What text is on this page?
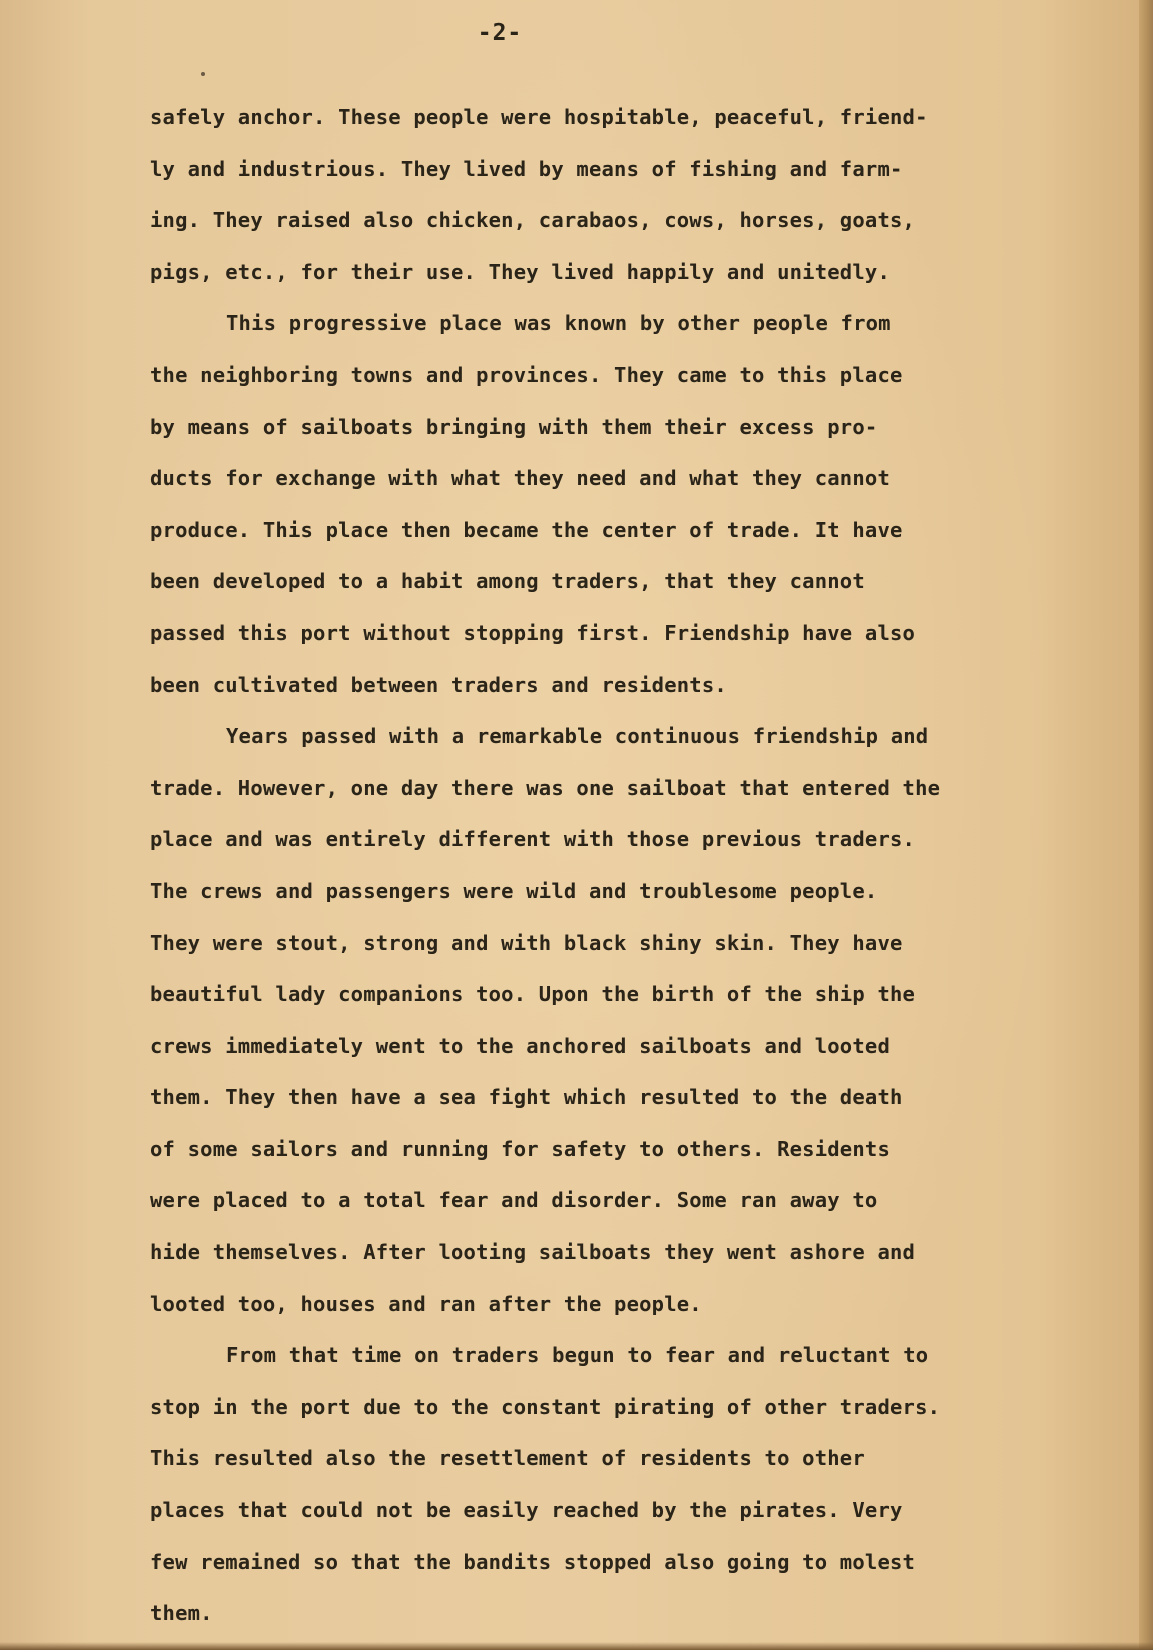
-2-
safely anchor. These people were hospitable, peaceful, friend-
ly and industrious. They lived by means of fishing and farm-
ing. They raised also chicken, carabaos, cows, horses, goats,
pigs, etc., for their use. They lived happily and unitedly.
This progressive place was known by other people from
the neighboring towns and provinces. They came to this place
by means of sailboats bringing with them their excess pro-
ducts for exchange with what they need and what they cannot
produce. This place then became the center of trade. It have
been developed to a habit among traders, that they cannot
passed this port without stopping first. Friendship have also
been cultivated between traders and residents.
Years passed with a remarkable continuous friendship and
trade. However, one day there was one sailboat that entered the
place and was entirely different with those previous traders.
The crews and passengers were wild and troublesome people.
They were stout, strong and with black shiny skin. They have
beautiful lady companions too. Upon the birth of the ship the
crews immediately went to the anchored sailboats and looted
them. They then have a sea fight which resulted to the death
of some sailors and running for safety to others. Residents
were placed to a total fear and disorder. Some ran away to
hide themselves. After looting sailboats they went ashore and
looted too, houses and ran after the people.
From that time on traders begun to fear and reluctant to
stop in the port due to the constant pirating of other traders.
This resulted also the resettlement of residents to other
places that could not be easily reached by the pirates. Very
few remained so that the bandits stopped also going to molest
them.
